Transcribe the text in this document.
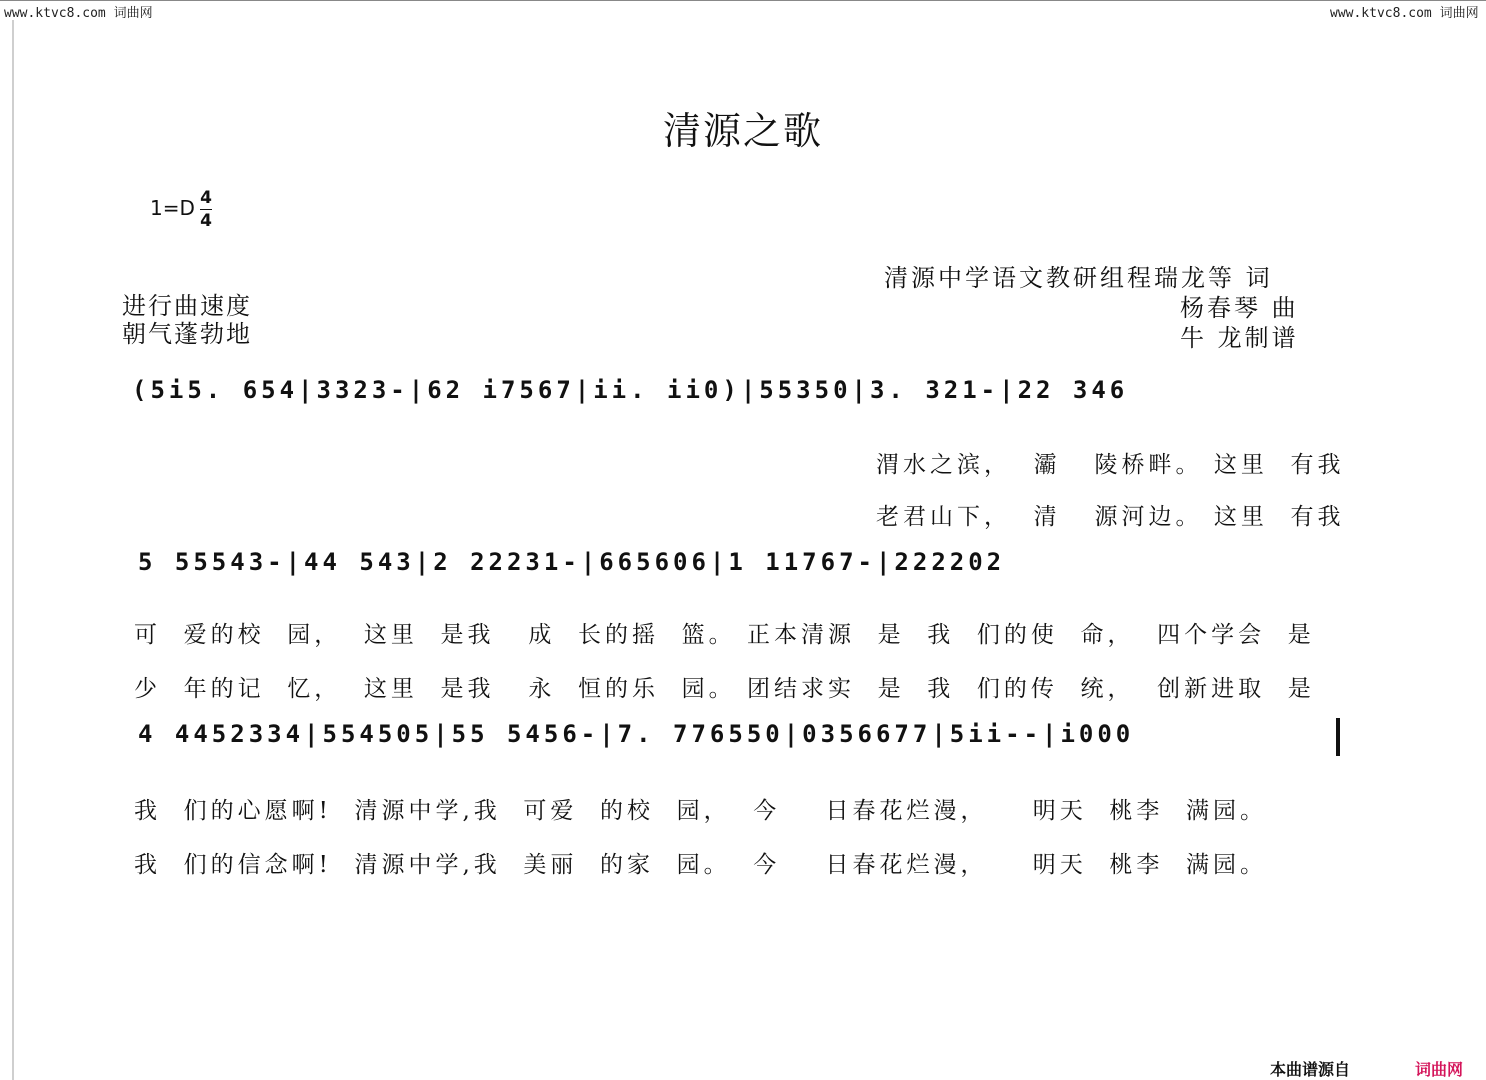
www.ktvc8.com 词曲网	www.ktvc8.com 词曲网
清源之歌
1=D 4
4
进行曲速度
朝气蓬勃地
清源中学语文教研组程瑞龙等 词
杨春琴 曲
牛 龙制谱
(5i5. 654|3323-|62 i7567|ii. ii0)|55350|3. 321-|22 346
渭水之滨，  灞   陵桥畔。 这里  有我
老君山下，  清   源河边。 这里  有我
5 55543-|44 543|2 22231-|665606|1 11767-|222202
可  爱的校  园，  这里  是我   成  长的摇  篮。 正本清源  是  我  们的使  命，  四个学会  是
少  年的记  忆，  这里  是我   永  恒的乐  园。 团结求实  是  我  们的传  统，  创新进取  是
4 4452334|554505|55 5456-|7. 776550|0356677|5ii--|i000
我  们的心愿啊!  清源中学,我  可爱  的校  园，  今    日春花烂漫，    明天  桃李  满园。
我  们的信念啊!  清源中学,我  美丽  的家  园。  今    日春花烂漫，    明天  桃李  满园。
本曲谱源自	词曲网
